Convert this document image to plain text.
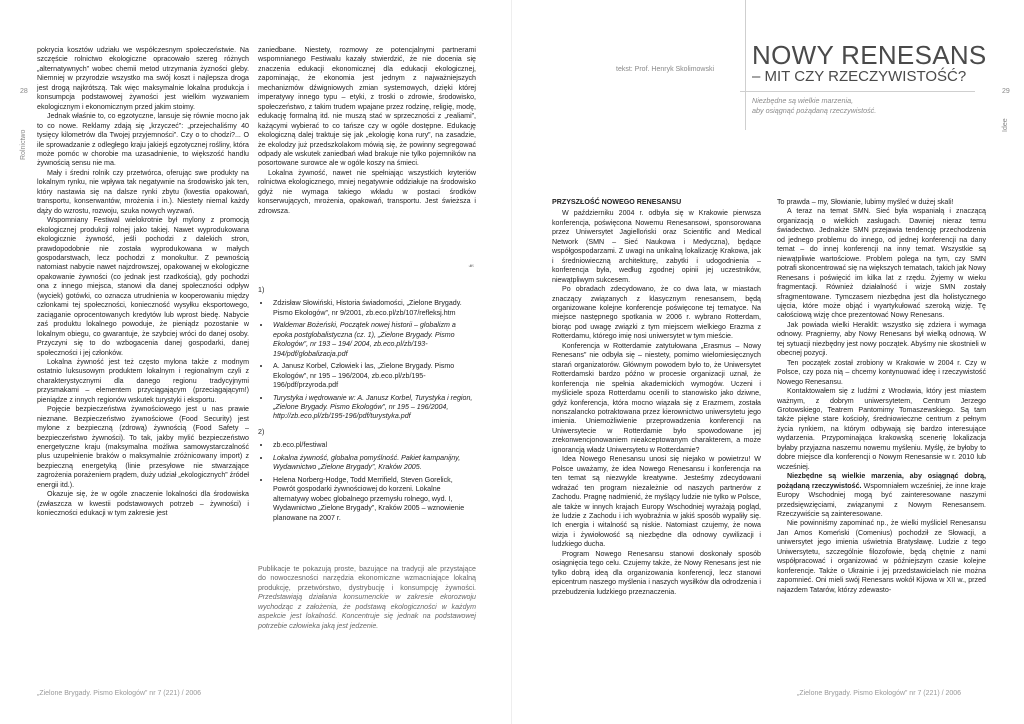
28
Rolnictwo

pokrycia kosztów udziału we współczesnym społeczeństwie. Na szczęście rolnictwo ekologiczne opracowało szereg różnych „alternatywnych” wobec chemii metod utrzymania żyzności gleby. Niemniej w przyrodzie wszystko ma swój koszt i najlepsza droga jest drogą najkrótszą. Tak więc maksymalnie lokalna produkcja i konsumpcja podstawowej żywności jest wielkim wyzwaniem ekologicznym i ekonomicznym przed jakim stoimy.

Jednak właśnie to, co egzotyczne, lansuje się równie mocno jak to co nowe. Reklamy zdają się „krzyczeć”: „przejechaliśmy 40 tysięcy kilometrów dla Twojej przyjemności”. Czy o to chodzi?... O ile sprowadzanie z odległego kraju jakiejś egzotycznej rośliny, która może pomóc w chorobie ma uzasadnienie, to większość handlu żywnością sensu nie ma.

Mały i średni rolnik czy przetwórca, oferując swe produkty na lokalnym rynku, nie wpływa tak negatywnie na środowisko jak ten, który nastawia się na dalsze rynki zbytu (kwestia opakowań, transportu, konserwantów, mrożenia i in.). Niestety niemal każdy dąży do wzrostu, rozwoju, szuka nowych wyzwań.

Wspomniany Festiwal wielokrotnie był mylony z promocją ekologicznej produkcji rolnej jako takiej. Nawet wyprodukowana ekologicznie żywność, jeśli pochodzi z dalekich stron, prawdopodobnie nie została wyprodukowana w małych gospodarstwach, lecz pochodzi z monokultur. Z pewnością natomiast nabycie nawet najzdrowszej, opakowanej w ekologiczne opakowanie żywności (co jednak jest rzadkością), gdy pochodzi ona z innego miejsca, stanowi dla danej społeczności odpływ (wyciek) gotówki, co oznacza utrudnienia w kooperowaniu między członkami tej społeczności, konieczność wysyłku eksportowego, zaciąganie oprocentowanych kredytów lub wprost biedę. Nabycie zaś produktu lokalnego powoduje, że pieniądz pozostanie w lokalnym obiegu, co gwarantuje, że szybciej wróci do danej osoby. Przyczyni się to do wzbogacenia danej gospodarki, danej społeczności i jej członków.

Lokalna żywność jest też często mylona także z modnym ostatnio luksusowym produktem lokalnym i regionalnym czyli z charakterystycznymi dla danego regionu tradycyjnymi przysmakami – elementem przyciągającym (przeciągającym!) pieniądze z innych regionów wskutek turystyki i eksportu.

Pojęcie bezpieczeństwa żywnościowego jest u nas prawie nieznane. Bezpieczeństwo żywnościowe (Food Security) jest mylone z bezpieczną (zdrową) żywnością (Food Safety – bezpieczeństwo żywności). To tak, jakby mylić bezpieczeństwo energetyczne kraju (maksymalna możliwa samowystarczalność plus uzupełnienie braków o maksymalnie zróżnicowany import) z bezpieczną energetyką (linie przesyłowe nie stwarzające zagrożenia porażeniem prądem, duży udział „ekologicznych” źródeł energii itd.).

Okazuje się, że w ogóle znaczenie lokalności dla środowiska (zwłaszcza w kwestii podstawowych potrzeb – żywności) i konieczności edukacji w tym zakresie jest

zaniedbane. Niestety, rozmowy ze potencjalnymi partnerami wspomnianego Festiwalu kazały stwierdzić, że nie docenia się znaczenia edukacji ekonomicznej dla edukacji ekologicznej, zapominając, że ekonomia jest jednym z najważniejszych mechanizmów dźwigniowych zmian systemowych, dzięki której imperatywy innego typu – etyki, z troski o zdrowie, środowisko, społeczeństwo, z takim trudem wpajane przez rodzinę, religię, modę, edukację formalną itd. nie muszą stać w sprzeczności z „realiami”, każącymi wybierać to co tańsze czy w ogóle dostępne. Edukację ekologiczną dalej traktuje się jak „ekologię kona rury”, na zasadzie, że ekolodzy już przedszkolakom mówią się, że powinny segregować odpady ale wskutek zaniedbań wład brakuje nie tylko pojemników na posortowane surowce ale w ogóle koszy na śmieci.

Lokalna żywność, nawet nie spełniając wszystkich kryteriów rolnictwa ekologicznego, mniej negatywnie oddziałuje na środowisko gdyż nie wymaga takiego wkładu w postaci środków konserwujących, mrożenia, opakowań, transportu. Jest świeższa i zdrowsza.

☙
1)
• Zdzisław Słowiński, Historia świadomości, „Zielone Brygady. Pismo Ekologów”, nr 9/2001, zb.eco.pl/zb/107/refleksj.htm
• Waldemar Bożeński, Początek nowej historii – globalizm a epoka postglobalistyczna (cz. 1), „Zielone Brygady. Pismo Ekologów”, nr 193 – 194/ 2004, zb.eco.pl/zb/193-194/pdf/globalizacja.pdf
• A. Janusz Korbel, Człowiek i las, „Zielone Brygady. Pismo Ekologów”, nr 195 – 196/2004, zb.eco.pl/zb/195-196/pdf/przyroda.pdf
• Turystyka i wędrowanie w: A. Janusz Korbel, Turystyka i region, „Zielone Brygady. Pismo Ekologów”, nr 195 – 196/2004, http://zb.eco.pl/zb/195-196/pdf/turystyka.pdf
2)
• zb.eco.pl/festiwal
• Lokalna żywność, globalna pomyślność. Pakiet kampanijny, Wydawnictwo „Zielone Brygady”, Kraków 2005.
• Helena Norberg-Hodge, Todd Merrifield, Steven Gorelick, Powrót gospodarki żywnościowej do korzeni. Lokalne alternatywy wobec globalnego przemysłu rolnego, wyd. I, Wydawnictwo „Zielone Brygady”, Kraków 2005 – wznowienie planowane na 2007 r.
Publikacje te pokazują proste, bazujące na tradycji ale przystające do nowoczesności narzędzia ekonomiczne wzmacniające lokalną produkcję, przetwórstwo, dystrybucję i konsumpcję żywności. Przedstawiają działania konsumenckie w zakresie ekorozwoju wychodząc z założenia, że podstawą ekologiczności w każdym aspekcie jest lokalność. Koncentruje się jednak na podstawowej potrzebie człowieka jaką jest jedzenie.
„Zielone Brygady. Pismo Ekologów” nr 7 (221) / 2006
tekst: Prof. Henryk Skolimowski NOWY RENESANS
– MIT CZY RZECZYWISTOŚĆ?
Niezbędne są wielkie marzenia,
aby osiągnąć pożądaną rzeczywistość.
29
Idee

PRZYSZŁOŚĆ NOWEGO RENESANSU

W październiku 2004 r. odbyła się w Krakowie pierwsza konferencja, poświęcona Nowemu Renesansowi, sponsorowana przez Uniwersytet Jagielloński oraz Scientific and Medical Network (SMN – Sieć Naukowa i Medyczna), będące współgospodarzami. Z uwagi na unikalną lokalizację Krakowa, jak i średniowieczną architekturę, zabytki i udogodnienia – konferencja była, według zgodnej opinii jej uczestników, niewątpliwym sukcesem.

Po obradach zdecydowano, że co dwa lata, w miastach znaczący związanych z klasycznym renesansem, będą organizowane kolejne konferencje poświęcone tej tematyce. Na miejsce następnego spotkania w 2006 r. wybrano Rotterdam, biorąc pod uwagę związki z tym miejscem wielkiego Erazma z Rotterdamu, którego imię nosi uniwersytet w tym mieście.

Konferencja w Rotterdamie zatytułowana „Erasmus – Nowy Renesans” nie odbyła się – niestety, pomimo wielomiesięcznych starań organizatorów. Głównym powodem było to, że Uniwersytet Rotterdamski bardzo późno w procesie organizacji uznał, że konferencja nie spełnia akademickich wymogów. Uczeni i myśliciele spoza Rotterdamu ocenili to stanowisko jako dziwne, gdyż konferencja, która mocno wiązała się z Erazmem, została nonszalancko potraktowana przez kierownictwo uniwersytetu jego imienia. Uniemożliwienie przeprowadzenia konferencji na Uniwersytecie w Rotterdamie było spowodowane jej zrekonwencjonowaniem nieakceptowanym charakterem, a może ignorancją władz Uniwersytetu w Rotterdamie?

Idea Nowego Renesansu unosi się niejako w powietrzu! W Polsce uważamy, że idea Nowego Renesansu i konferencja na ten temat są niezwykle kreatywne. Jesteśmy zdecydowani wdrażać ten program niezależnie od naszych partnerów z Zachodu. Pragnę nadmienić, że myślący ludzie nie tylko w Polsce, ale także w innych krajach Europy Wschodniej wyrażają pogląd, że ludzie z Zachodu i ich wyobraźnia w jakiś sposób wypaliły się. Ich energia i witalność są niskie. Natomiast czujemy, że nowa wizja i żywiołowość są niezbędne dla odnowy cywilizacji i ludzkiego ducha.

Program Nowego Renesansu stanowi doskonały sposób osiągnięcia tego celu. Czujemy także, że Nowy Renesans jest nie tylko dobrą ideą dla organizowania konferencji, lecz stanowi epicentrum naszego myślenia i naszych wysiłków dla odrodzenia i przebudzenia ludzkiego przeznaczenia.

To prawda – my, Słowianie, lubimy myśleć w dużej skali!

A teraz na temat SMN. Sieć była wspaniałą i znaczącą organizacją o wielkich zasługach. Dawniej nieraz temu świadectwo. Jednakże SMN przejawia tendencję przechodzenia od jednego problemu do innego, od jednej konferencji na dany temat – do innej konferencji na inny temat. Wszystkie są niewątpliwie wartościowe. Problem polega na tym, czy SMN potrafi skoncentrować się na większych tematach, takich jak Nowy Renesans i poświęcić im kilka lat z rzędu. Żyjemy w wieku fragmentacji. Również działalność i wizje SMN zostały sfragmentowane. Tymczasem niezbędna jest dla holistycznego ujęcia, które może objąć i wyartykułować szeroką wizję. Tę całościową wizję chce prezentować Nowy Renesans.

Jak powiada wielki Heraklit: wszystko się zdziera i wymaga odnowy. Pragniemy, aby Nowy Renesans był wielką odnową. W tej sytuacji niezbędny jest nowy początek. Abyśmy nie skostnieli w obecnej pozycji.

Ten początek został zrobiony w Krakowie w 2004 r. Czy w Polsce, czy poza nią – chcemy kontynuować ideę i rzeczywistość Nowego Renesansu.

Kontaktowałem się z ludźmi z Wrocławia, który jest miastem ważnym, z dobrym uniwersytetem, Centrum Jerzego Grotowskiego, Teatrem Pantomimy Tomaszewskiego. Są tam także piękne stare kościoły, średniowieczne centrum z pełnym życia rynkiem, na którym odbywają się bardzo interesujące wydarzenia. Przypominająca krakowską scenerię lokalizacja byłaby przyjazna naszemu nowemu myśleniu. Myślę, że byłoby to dobre miejsce dla konferencji o Nowym Renesansie w r. 2010 lub wcześniej.

Niezbędne są wielkie marzenia, aby osiągnąć dobrą, pożądaną rzeczywistość. Wspomniałem wcześniej, że inne kraje Europy Wschodniej mogą być zainteresowane naszymi przedsięwzięciami, związanymi z Nowym Renesansem. Rzeczywiście są zainteresowane.

Nie powinniśmy zapominać np., że wielki myśliciel Renesansu Jan Amos Komeński (Comenius) pochodził ze Słowacji, a uniwersytet jego imienia uświetnia Bratysławę. Ludzie z tego Uniwersytetu, szczególnie filozofowie, będą chętnie z nami współpracować i organizować w późniejszym czasie kolejne konferencje. Także o Ukrainie i jej przedstawicielach nie można zapomnieć. Oni mieli swój Renesans wokół Kijowa w XII w., przed najazdem Tatarów, którzy zdewasto-

„Zielone Brygady. Pismo Ekologów” nr 7 (221) / 2006
